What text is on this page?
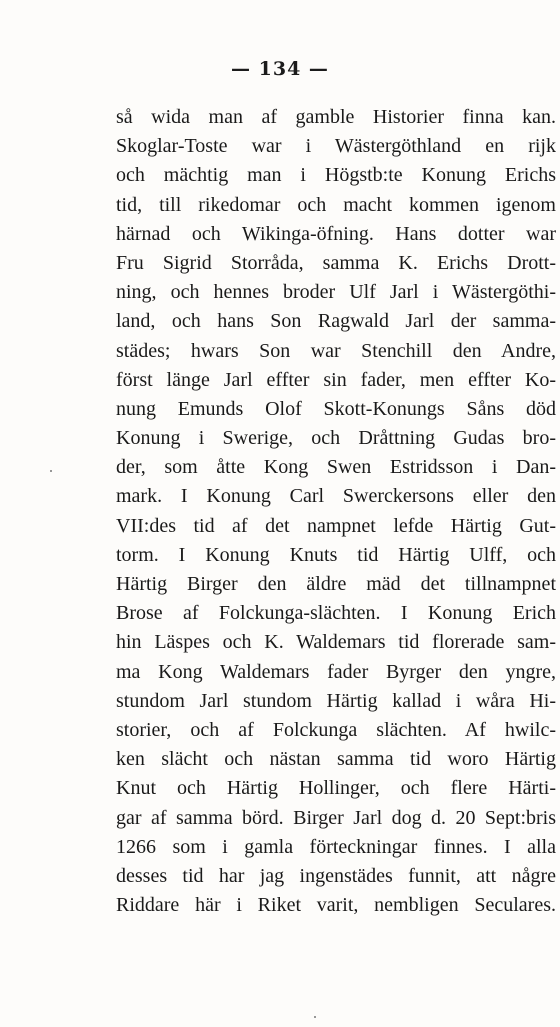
— 134 —
så wida man af gamble Historier finna kan.
Skoglar-Toste war i Wästergöthland en rijk
och mächtig man i Högstb:te Konung Erichs
tid, till rikedomar och macht kommen igenom
härnad och Wikinga-öfning. Hans dotter war
Fru Sigrid Storråda, samma K. Erichs Drott-
ning, och hennes broder Ulf Jarl i Wästergöthi-
land, och hans Son Ragwald Jarl der samma-
städes; hwars Son war Stenchill den Andre,
först länge Jarl effter sin fader, men effter Ko-
nung Emunds Olof Skott-Konungs Såns död
Konung i Swerige, och Dråttning Gudas bro-
der, som åtte Kong Swen Estridsson i Dan-
mark. I Konung Carl Swerckersons eller den
VII:des tid af det nampnet lefde Härtig Gut-
torm. I Konung Knuts tid Härtig Ulff, och
Härtig Birger den äldre mäd det tillnampnet
Brose af Folckunga-slächten. I Konung Erich
hin Läspes och K. Waldemars tid florerade sam-
ma Kong Waldemars fader Byrger den yngre,
stundom Jarl stundom Härtig kallad i wåra Hi-
storier, och af Folckunga slächten. Af hwilc-
ken slächt och nästan samma tid woro Härtig
Knut och Härtig Hollinger, och flere Härti-
gar af samma börd. Birger Jarl dog d. 20 Sept:bris
1266 som i gamla förteckningar finnes. I alla
desses tid har jag ingenstädes funnit, att någre
Riddare här i Riket varit, nembligen Seculares.
